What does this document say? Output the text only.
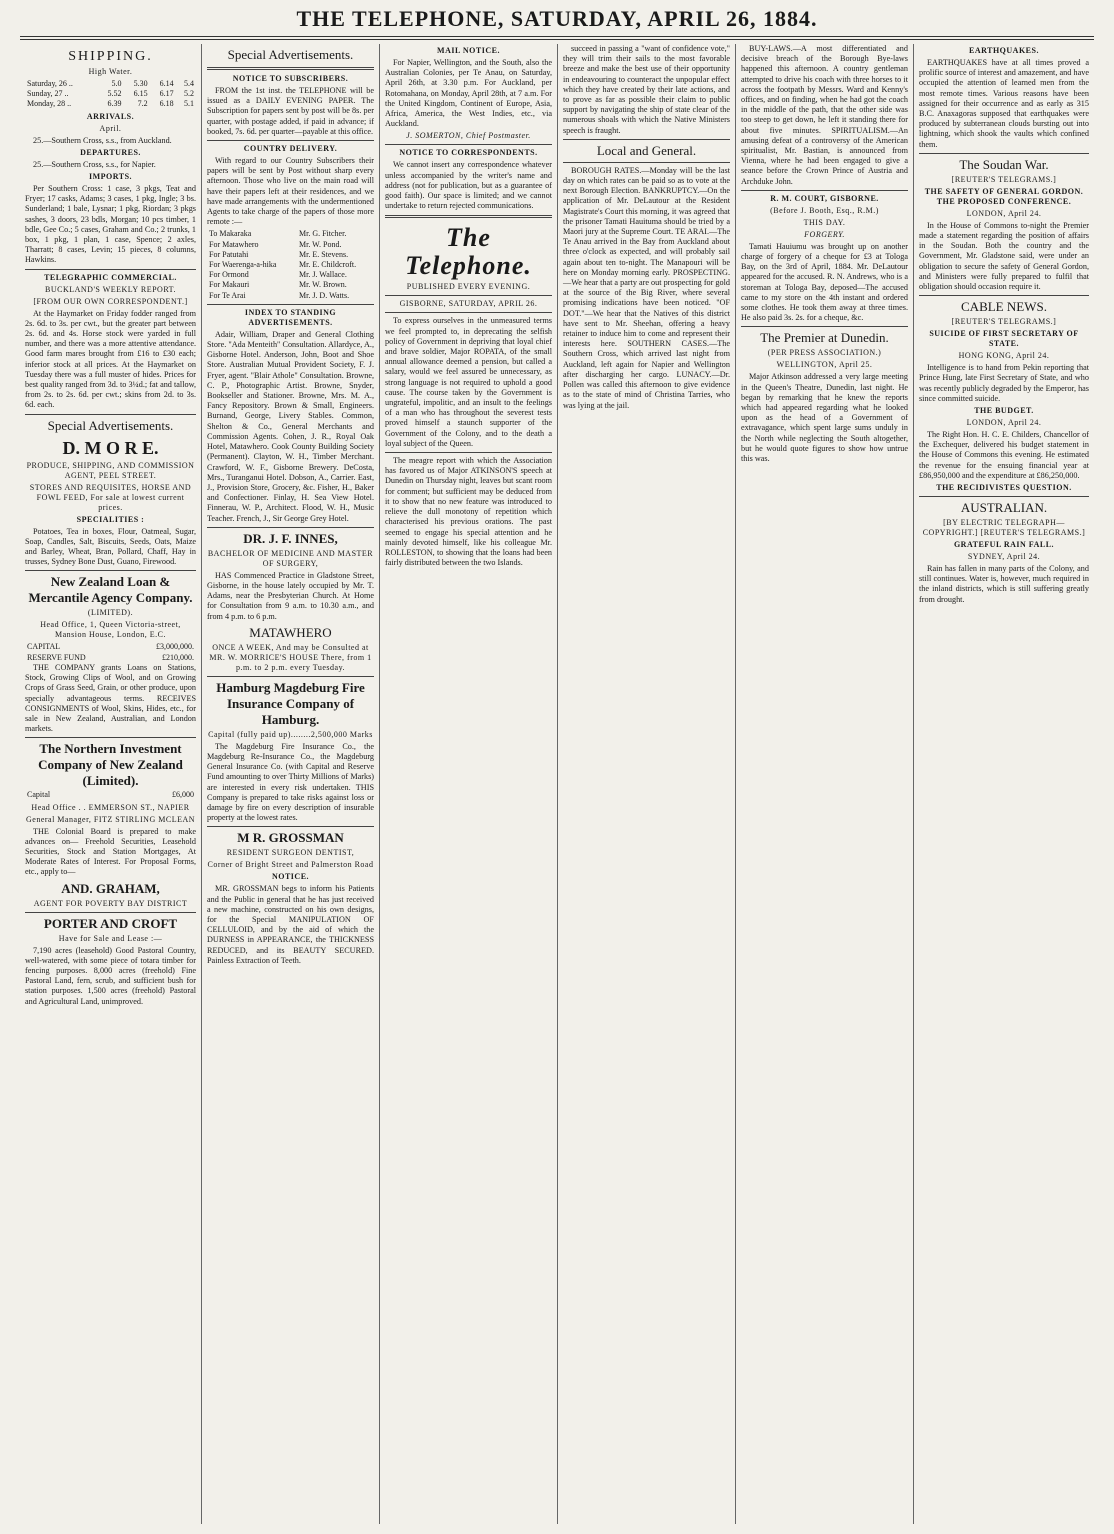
THE TELEPHONE, SATURDAY, APRIL 26, 1884.
SHIPPING.
High Water.
Saturday, 26 ..	5.0	5.30	6.14	5.4
Sunday, 27 ..	5.52	6.15	6.17	5.2
Monday, 28 ..	6.39	7.2	6.18	5.1
ARRIVALS.
April.

25.—Southern Cross, s.s., from Auckland.

DEPARTURES.

25.—Southern Cross, s.s., for Napier.

IMPORTS.

Per Southern Cross: 1 case, 3 pkgs, Teat and Fryer; 17 casks, Adams; 3 cases, 1 pkg, Ingle; 3 bs. Sunderland; 1 bale, Lysnar; 1 pkg, Riordan; 3 pkgs sashes, 3 doors, 23 bdls, Morgan; 10 pcs timber, 1 bdle, Gee Co.; 5 cases, Graham and Co.; 2 trunks, 1 box, 1 pkg, 1 plan, 1 case, Spence; 2 axles, Tharratt; 8 cases, Levin; 15 pieces, 8 columns, Hawkins.

TELEGRAPHIC COMMERCIAL.
BUCKLAND'S WEEKLY REPORT.
[FROM OUR OWN CORRESPONDENT.]

At the Haymarket on Friday fodder ranged from 2s. 6d. to 3s. per cwt., but the greater part between 2s. 6d. and 4s. Horse stock were yarded in full number, and there was a more attentive attendance. Good farm mares brought from £16 to £30 each; inferior stock at all prices. At the Haymarket on Tuesday there was a full muster of hides. Prices for best quality ranged from 3d. to 3¼d.; fat and tallow, from 2s. to 2s. 6d. per cwt.; skins from 2d. to 3s. 6d. each.

Special Advertisements.
D. M O R E.
PRODUCE, SHIPPING, AND COMMISSION AGENT, PEEL STREET.
STORES AND REQUISITES, HORSE AND FOWL FEED, For sale at lowest current prices.
SPECIALITIES :

Potatoes, Tea in boxes, Flour, Oatmeal, Sugar, Soap, Candles, Salt, Biscuits, Seeds, Oats, Maize and Barley, Wheat, Bran, Pollard, Chaff, Hay in trusses, Sydney Bone Dust, Guano, Firewood.

New Zealand Loan & Mercantile Agency Company.
(LIMITED).
Head Office, 1, Queen Victoria-street, Mansion House, London, E.C.
CAPITAL	£3,000,000.
RESERVE FUND	£210,000.

THE COMPANY grants Loans on Stations, Stock, Growing Clips of Wool, and on Growing Crops of Grass Seed, Grain, or other produce, upon specially advantageous terms. RECEIVES CONSIGNMENTS of Wool, Skins, Hides, etc., for sale in New Zealand, Australian, and London markets.

The Northern Investment Company of New Zealand (Limited).
Capital	£6,000
Head Office . . EMMERSON ST., NAPIER
General Manager, FITZ STIRLING MCLEAN

THE Colonial Board is prepared to make advances on— Freehold Securities, Leasehold Securities, Stock and Station Mortgages, At Moderate Rates of Interest. For Proposal Forms, etc., apply to—

AND. GRAHAM,
AGENT FOR POVERTY BAY DISTRICT
PORTER AND CROFT
Have for Sale and Lease :—

7,190 acres (leasehold) Good Pastoral Country, well-watered, with some piece of totara timber for fencing purposes. 8,000 acres (freehold) Fine Pastoral Land, fern, scrub, and sufficient bush for station purposes. 1,500 acres (freehold) Pastoral and Agricultural Land, unimproved.

Special Advertisements.
NOTICE TO SUBSCRIBERS.

FROM the 1st inst. the TELEPHONE will be issued as a DAILY EVENING PAPER. The Subscription for papers sent by post will be 8s. per quarter, with postage added, if paid in advance; if booked, 7s. 6d. per quarter—payable at this office.

COUNTRY DELIVERY.

With regard to our Country Subscribers their papers will be sent by Post without sharp every afternoon. Those who live on the main road will have their papers left at their residences, and we have made arrangements with the undermentioned Agents to take charge of the papers of those more remote :—

To Makaraka	Mr. G. Fitcher.
For Matawhero	Mr. W. Pond.
For Patutahi	Mr. E. Stevens.
For Waerenga-a-hika	Mr. E. Childcroft.
For Ormond	Mr. J. Wallace.
For Makauri	Mr. W. Brown.
For Te Arai	Mr. J. D. Watts.
INDEX TO STANDING ADVERTISEMENTS.

Adair, William, Draper and General Clothing Store. "Ada Menteith" Consultation. Allardyce, A., Gisborne Hotel. Anderson, John, Boot and Shoe Store. Australian Mutual Provident Society, F. J. Fryer, agent. "Blair Athole" Consultation. Browne, C. P., Photographic Artist. Browne, Snyder, Bookseller and Stationer. Browne, Mrs. M. A., Fancy Repository. Brown & Small, Engineers. Burnand, George, Livery Stables. Common, Shelton & Co., General Merchants and Commission Agents. Cohen, J. R., Royal Oak Hotel, Matawhero. Cook County Building Society (Permanent). Clayton, W. H., Timber Merchant. Crawford, W. F., Gisborne Brewery. DeCosta, Mrs., Turanganui Hotel. Dobson, A., Carrier. East, J., Provision Store, Grocery, &c. Fisher, H., Baker and Confectioner. Finlay, H. Sea View Hotel. Finnerau, W. P., Architect. Flood, W. H., Music Teacher. French, J., Sir George Grey Hotel.

DR. J. F. INNES,
BACHELOR OF MEDICINE AND MASTER OF SURGERY,

HAS Commenced Practice in Gladstone Street, Gisborne, in the house lately occupied by Mr. T. Adams, near the Presbyterian Church. At Home for Consultation from 9 a.m. to 10.30 a.m., and from 4 p.m. to 6 p.m.

MATAWHERO
ONCE A WEEK, And may be Consulted at MR. W. MORRICE'S HOUSE There, from 1 p.m. to 2 p.m. every Tuesday.
Hamburg Magdeburg Fire Insurance Company of Hamburg.
Capital (fully paid up)........2,500,000 Marks

The Magdeburg Fire Insurance Co., the Magdeburg Re-Insurance Co., the Magdeburg General Insurance Co. (with Capital and Reserve Fund amounting to over Thirty Millions of Marks) are interested in every risk undertaken. THIS Company is prepared to take risks against loss or damage by fire on every description of insurable property at the lowest rates.

M R. GROSSMAN
RESIDENT SURGEON DENTIST,
Corner of Bright Street and Palmerston Road
NOTICE.

MR. GROSSMAN begs to inform his Patients and the Public in general that he has just received a new machine, constructed on his own designs, for the Special MANIPULATION OF CELLULOID, and by the aid of which the DURNESS in APPEARANCE, the THICKNESS REDUCED, and its BEAUTY SECURED. Painless Extraction of Teeth.

MAIL NOTICE.

For Napier, Wellington, and the South, also the Australian Colonies, per Te Anau, on Saturday, April 26th, at 3.30 p.m. For Auckland, per Rotomahana, on Monday, April 28th, at 7 a.m. For the United Kingdom, Continent of Europe, Asia, Africa, America, the West Indies, etc., via Auckland.

J. SOMERTON, Chief Postmaster.
NOTICE TO CORRESPONDENTS.

We cannot insert any correspondence whatever unless accompanied by the writer's name and address (not for publication, but as a guarantee of good faith). Our space is limited; and we cannot undertake to return rejected communications.

The Telephone.
PUBLISHED EVERY EVENING.
GISBORNE, SATURDAY, APRIL 26.

To express ourselves in the unmeasured terms we feel prompted to, in deprecating the selfish policy of Government in depriving that loyal chief and brave soldier, Major ROPATA, of the small annual allowance deemed a pension, but called a salary, would we feel assured be unnecessary, as strong language is not required to uphold a good cause. The course taken by the Government is ungrateful, impolitic, and an insult to the feelings of a man who has throughout the severest tests proved himself a staunch supporter of the Government of the Colony, and to the death a loyal subject of the Queen.

The meagre report with which the Association has favored us of Major ATKINSON'S speech at Dunedin on Thursday night, leaves but scant room for comment; but sufficient may be deduced from it to show that no new feature was introduced to relieve the dull monotony of repetition which characterised his previous orations. The past seemed to engage his special attention and he mainly devoted himself, like his colleague Mr. ROLLESTON, to showing that the loans had been fairly distributed between the two Islands.

succeed in passing a "want of confidence vote," they will trim their sails to the most favorable breeze and make the best use of their opportunity in endeavouring to counteract the unpopular effect which they have created by their late actions, and to prove as far as possible their claim to public support by navigating the ship of state clear of the numerous shoals with which the Native Ministers speech is fraught.

Local and General.

BOROUGH RATES.—Monday will be the last day on which rates can be paid so as to vote at the next Borough Election. BANKRUPTCY.—On the application of Mr. DeLautour at the Resident Magistrate's Court this morning, it was agreed that the prisoner Tamati Hauituma should be tried by a Maori jury at the Supreme Court. TE ARAI.—The Te Anau arrived in the Bay from Auckland about three o'clock as expected, and will probably sail again about ten to-night. The Manapouri will be here on Monday morning early. PROSPECTING.—We hear that a party are out prospecting for gold at the source of the Big River, where several promising indications have been noticed. "OF DOT."—We hear that the Natives of this district have sent to Mr. Sheehan, offering a heavy retainer to induce him to come and represent their interests here. SOUTHERN CASES.—The Southern Cross, which arrived last night from Auckland, left again for Napier and Wellington after discharging her cargo. LUNACY.—Dr. Pollen was called this afternoon to give evidence as to the state of mind of Christina Tarries, who was lying at the jail.

BUY-LAWS.—A most differentiated and decisive breach of the Borough Bye-laws happened this afternoon. A country gentleman attempted to drive his coach with three horses to it across the footpath by Messrs. Ward and Kenny's offices, and on finding, when he had got the coach in the middle of the path, that the other side was too steep to get down, he left it standing there for about five minutes. SPIRITUALISM.—An amusing defeat of a controversy of the American spiritualist, Mr. Bastian, is announced from Vienna, where he had been engaged to give a seance before the Crown Prince of Austria and Archduke John.

R. M. COURT, GISBORNE.
(Before J. Booth, Esq., R.M.)
THIS DAY.
FORGERY.

Tamati Hauiumu was brought up on another charge of forgery of a cheque for £3 at Tologa Bay, on the 3rd of April, 1884. Mr. DeLautour appeared for the accused. R. N. Andrews, who is a storeman at Tologa Bay, deposed—The accused came to my store on the 4th instant and ordered some clothes. He took them away at three times. He also paid 3s. 2s. for a cheque, &c.

The Premier at Dunedin.
(PER PRESS ASSOCIATION.)
WELLINGTON, April 25.

Major Atkinson addressed a very large meeting in the Queen's Theatre, Dunedin, last night. He began by remarking that he knew the reports which had appeared regarding what he looked upon as the head of a Government of extravagance, which spent large sums unduly in the North while neglecting the South altogether, but he would quote figures to show how untrue this was.

EARTHQUAKES.

EARTHQUAKES have at all times proved a prolific source of interest and amazement, and have occupied the attention of learned men from the most remote times. Various reasons have been assigned for their occurrence and as early as 315 B.C. Anaxagoras supposed that earthquakes were produced by subterranean clouds bursting out into lightning, which shook the vaults which confined them.

The Soudan War.
[REUTER'S TELEGRAMS.]
THE SAFETY OF GENERAL GORDON. THE PROPOSED CONFERENCE.
LONDON, April 24.

In the House of Commons to-night the Premier made a statement regarding the position of affairs in the Soudan. Both the country and the Government, Mr. Gladstone said, were under an obligation to secure the safety of General Gordon, and Ministers were fully prepared to fulfil that obligation should occasion require it.

CABLE NEWS.
[REUTER'S TELEGRAMS.]
SUICIDE OF FIRST SECRETARY OF STATE.
HONG KONG, April 24.

Intelligence is to hand from Pekin reporting that Prince Hung, late First Secretary of State, and who was recently publicly degraded by the Emperor, has since committed suicide.

THE BUDGET.
LONDON, April 24.

The Right Hon. H. C. E. Childers, Chancellor of the Exchequer, delivered his budget statement in the House of Commons this evening. He estimated the revenue for the ensuing financial year at £86,950,000 and the expenditure at £86,250,000.

THE RECIDIVISTES QUESTION.
AUSTRALIAN.
[BY ELECTRIC TELEGRAPH—COPYRIGHT.] [REUTER'S TELEGRAMS.]
GRATEFUL RAIN FALL.
SYDNEY, April 24.

Rain has fallen in many parts of the Colony, and still continues. Water is, however, much required in the inland districts, which is still suffering greatly from drought.
